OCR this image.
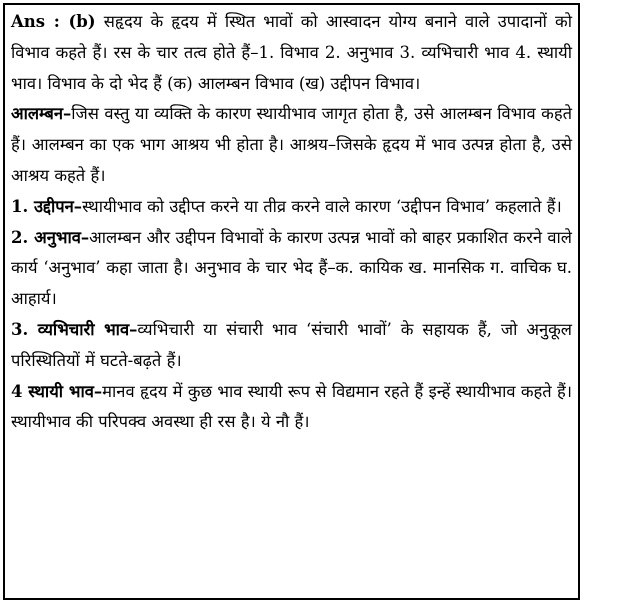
Ans : (b) सहृदय के हृदय में स्थित भावों को आस्वादन योग्य बनाने वाले उपादानों को विभाव कहते हैं। रस के चार तत्व होते हैं–1. विभाव 2. अनुभाव 3. व्यभिचारी भाव 4. स्थायी भाव। विभाव के दो भेद हैं (क) आलम्बन विभाव (ख) उद्दीपन विभाव।

आलम्बन–जिस वस्तु या व्यक्ति के कारण स्थायीभाव जागृत होता है, उसे आलम्बन विभाव कहते हैं। आलम्बन का एक भाग आश्रय भी होता है। आश्रय–जिसके हृदय में भाव उत्पन्न होता है, उसे आश्रय कहते हैं।

1. उद्दीपन–स्थायीभाव को उद्दीप्त करने या तीव्र करने वाले कारण ‘उद्दीपन विभाव’ कहलाते हैं।

2. अनुभाव–आलम्बन और उद्दीपन विभावों के कारण उत्पन्न भावों को बाहर प्रकाशित करने वाले कार्य ‘अनुभाव’ कहा जाता है। अनुभाव के चार भेद हैं–क. कायिक ख. मानसिक ग. वाचिक घ. आहार्य।

3. व्यभिचारी भाव–व्यभिचारी या संचारी भाव ‘संचारी भावों’ के सहायक हैं, जो अनुकूल परिस्थितियों में घटते-बढ़ते हैं।

4 स्थायी भाव–मानव हृदय में कुछ भाव स्थायी रूप से विद्यमान रहते हैं इन्हें स्थायीभाव कहते हैं। स्थायीभाव की परिपक्व अवस्था ही रस है। ये नौ हैं।
